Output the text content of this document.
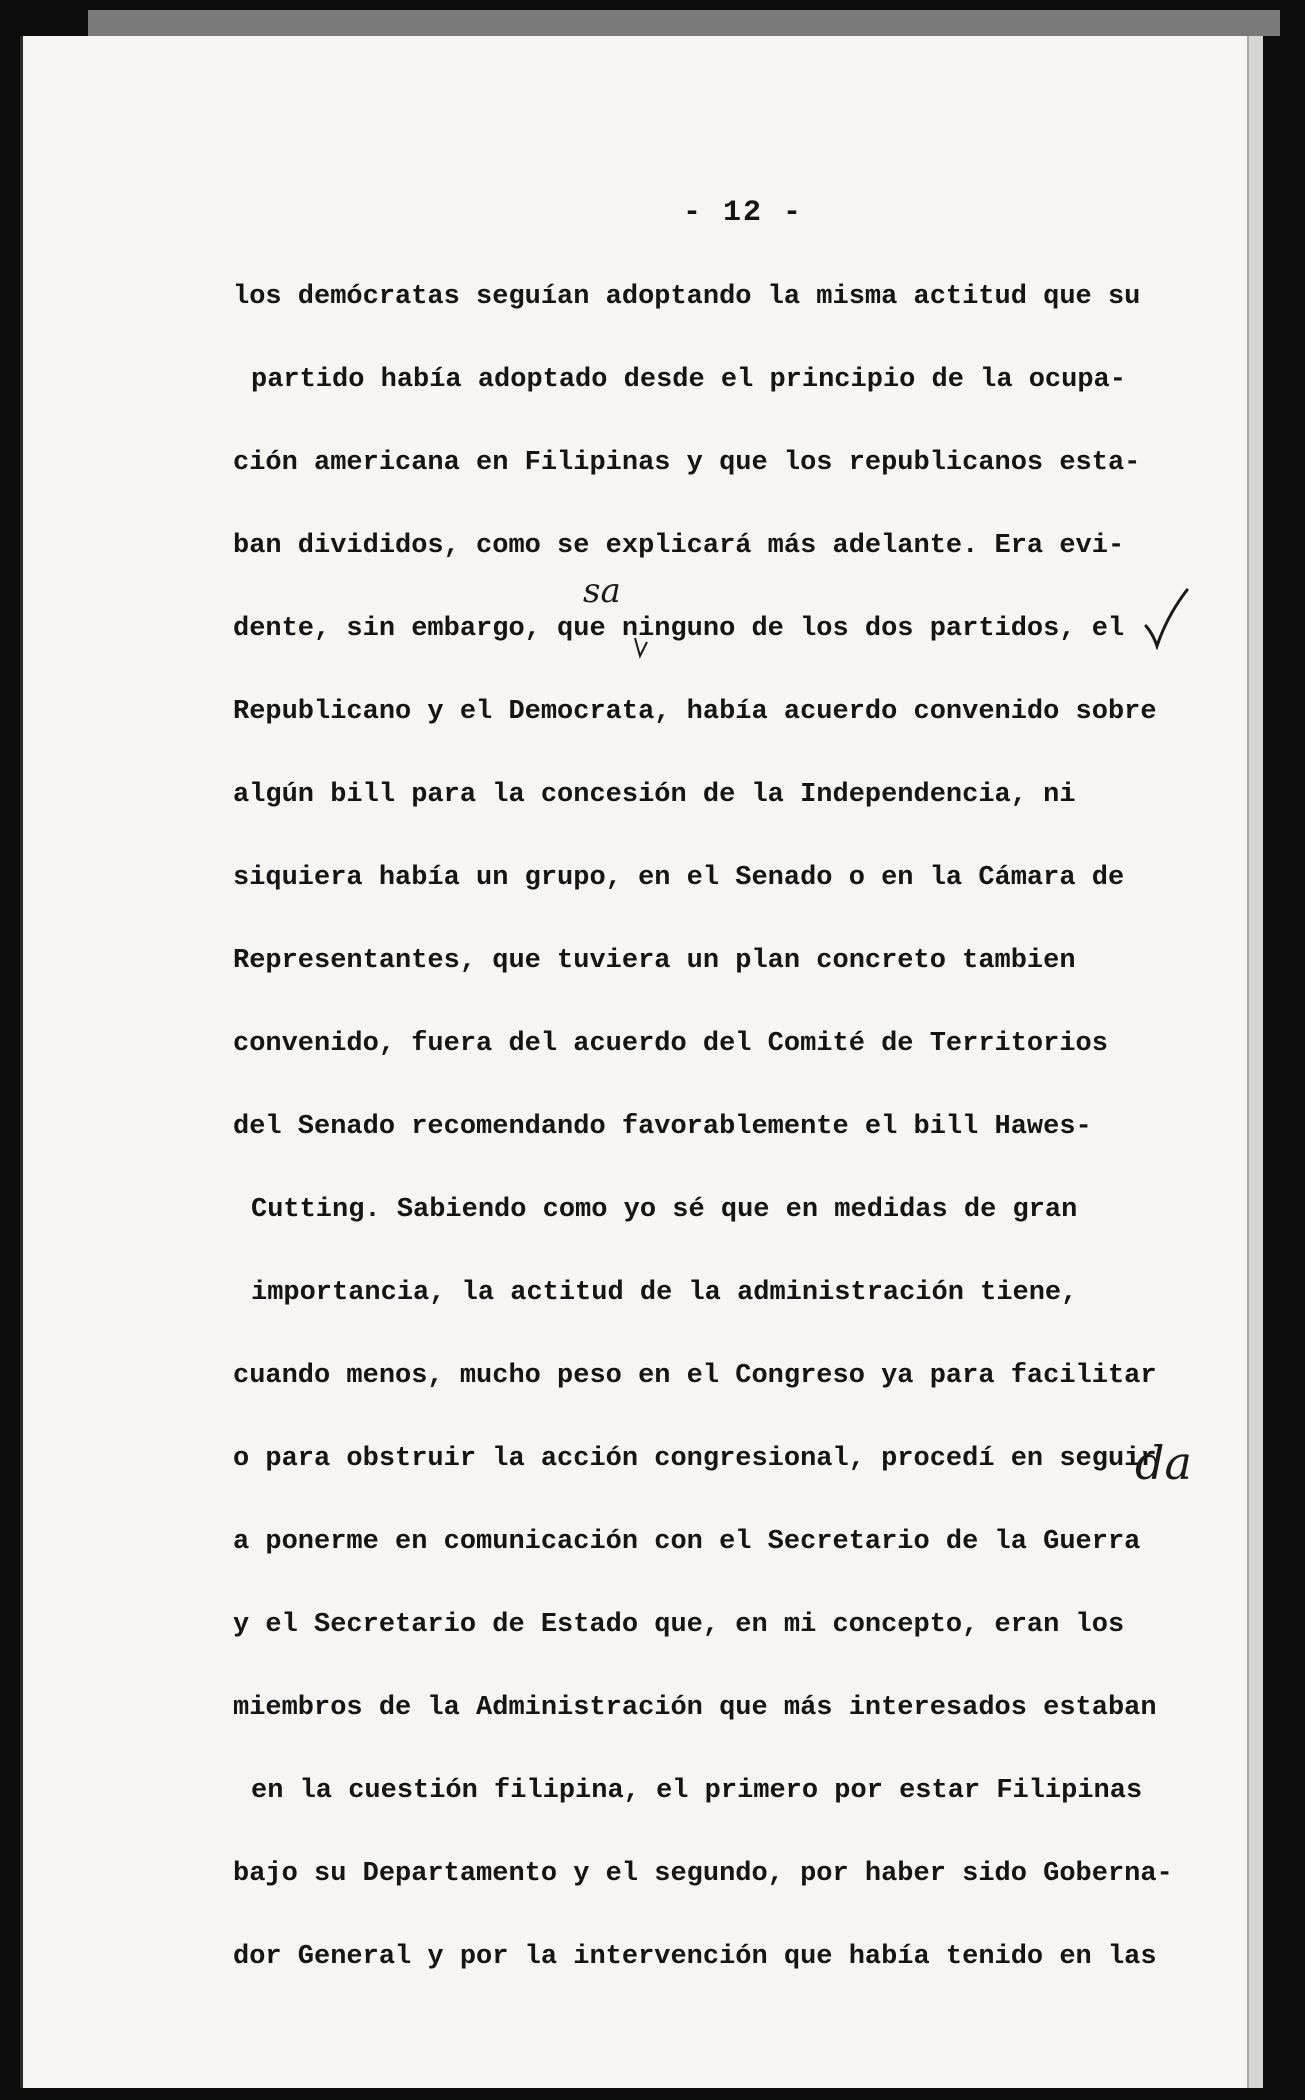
- 12 -
los demócratas seguían adoptando la misma actitud que su
partido había adoptado desde el principio de la ocupa-
ción americana en Filipinas y que los republicanos esta-
ban divididos, como se explicará más adelante. Era evi-
dente, sin embargo, que ninguno de los dos partidos, el
Republicano y el Democrata, había acuerdo convenido sobre
algún bill para la concesión de la Independencia, ni
siquiera había un grupo, en el Senado o en la Cámara de
Representantes, que tuviera un plan concreto tambien
convenido, fuera del acuerdo del Comité de Territorios
del Senado recomendando favorablemente el bill Hawes-
Cutting. Sabiendo como yo sé que en medidas de gran
importancia, la actitud de la administración tiene,
cuando menos, mucho peso en el Congreso ya para facilitar
o para obstruir la acción congresional, procedí en seguir
a ponerme en comunicación con el Secretario de la Guerra
y el Secretario de Estado que, en mi concepto, eran los
miembros de la Administración que más interesados estaban
en la cuestión filipina, el primero por estar Filipinas
bajo su Departamento y el segundo, por haber sido Goberna-
dor General y por la intervención que había tenido en las
sa
da
